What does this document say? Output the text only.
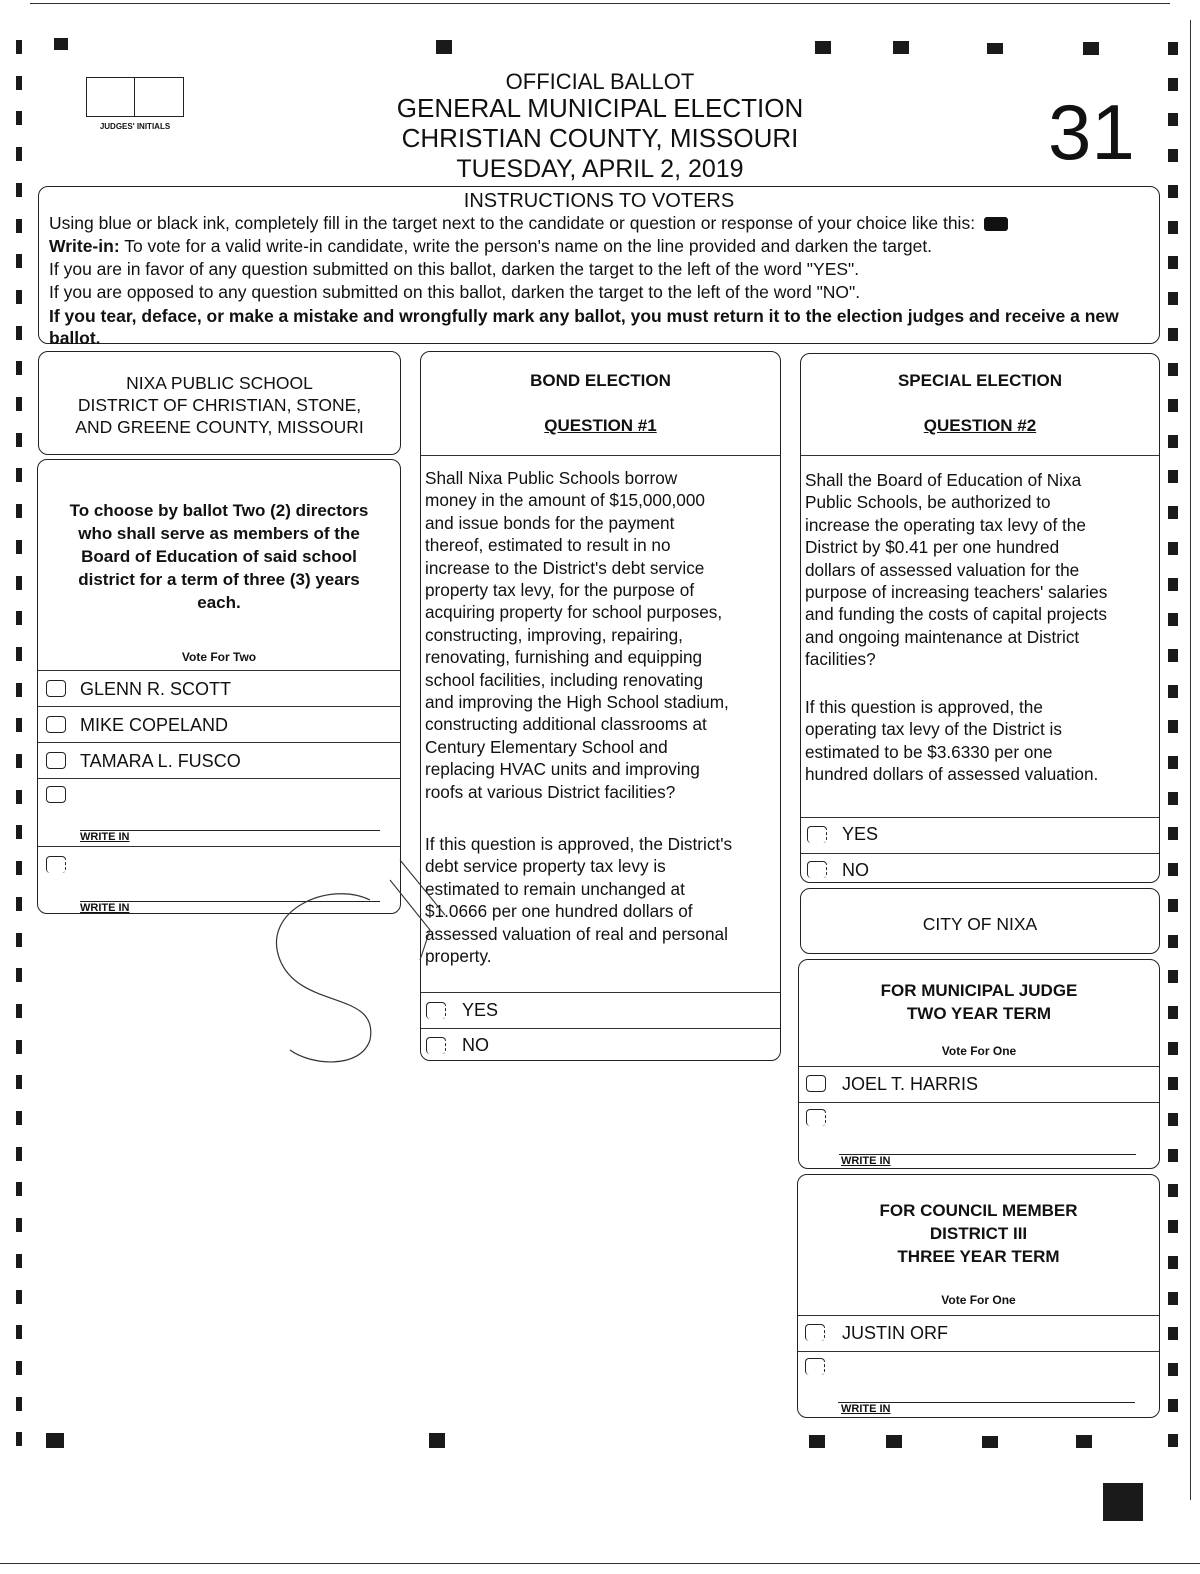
JUDGES' INITIALS
OFFICIAL BALLOT
GENERAL MUNICIPAL ELECTION
CHRISTIAN COUNTY, MISSOURI
TUESDAY, APRIL 2, 2019	31
INSTRUCTIONS TO VOTERS
Using blue or black ink, completely fill in the target next to the candidate or question or response of your choice like this:
Write-in: To vote for a valid write-in candidate, write the person's name on the line provided and darken the target.
If you are in favor of any question submitted on this ballot, darken the target to the left of the word "YES".
If you are opposed to any question submitted on this ballot, darken the target to the left of the word "NO".
If you tear, deface, or make a mistake and wrongfully mark any ballot, you must return it to the election judges and receive a new ballot.
NIXA PUBLIC SCHOOL
DISTRICT OF CHRISTIAN, STONE,
AND GREENE COUNTY, MISSOURI
To choose by ballot Two (2) directors
who shall serve as members of the
Board of Education of said school
district for a term of three (3) years
each.
Vote For Two
GLENN R. SCOTT
MIKE COPELAND
TAMARA L. FUSCO
WRITE IN
WRITE IN
BOND ELECTION
QUESTION #1
Shall Nixa Public Schools borrow
money in the amount of $15,000,000
and issue bonds for the payment
thereof, estimated to result in no
increase to the District's debt service
property tax levy, for the purpose of
acquiring property for school purposes,
constructing, improving, repairing,
renovating, furnishing and equipping
school facilities, including renovating
and improving the High School stadium,
constructing additional classrooms at
Century Elementary School and
replacing HVAC units and improving
roofs at various District facilities?
If this question is approved, the District's
debt service property tax levy is
estimated to remain unchanged at
$1.0666 per one hundred dollars of
assessed valuation of real and personal
property.
YES
NO
SPECIAL ELECTION
QUESTION #2
Shall the Board of Education of Nixa
Public Schools, be authorized to
increase the operating tax levy of the
District by $0.41 per one hundred
dollars of assessed valuation for the
purpose of increasing teachers' salaries
and funding the costs of capital projects
and ongoing maintenance at District
facilities?
If this question is approved, the
operating tax levy of the District is
estimated to be $3.6330 per one
hundred dollars of assessed valuation.
YES
NO
CITY OF NIXA
FOR MUNICIPAL JUDGE
TWO YEAR TERM
Vote For One
JOEL T. HARRIS
WRITE IN
FOR COUNCIL MEMBER
DISTRICT III
THREE YEAR TERM
Vote For One
JUSTIN ORF
WRITE IN
